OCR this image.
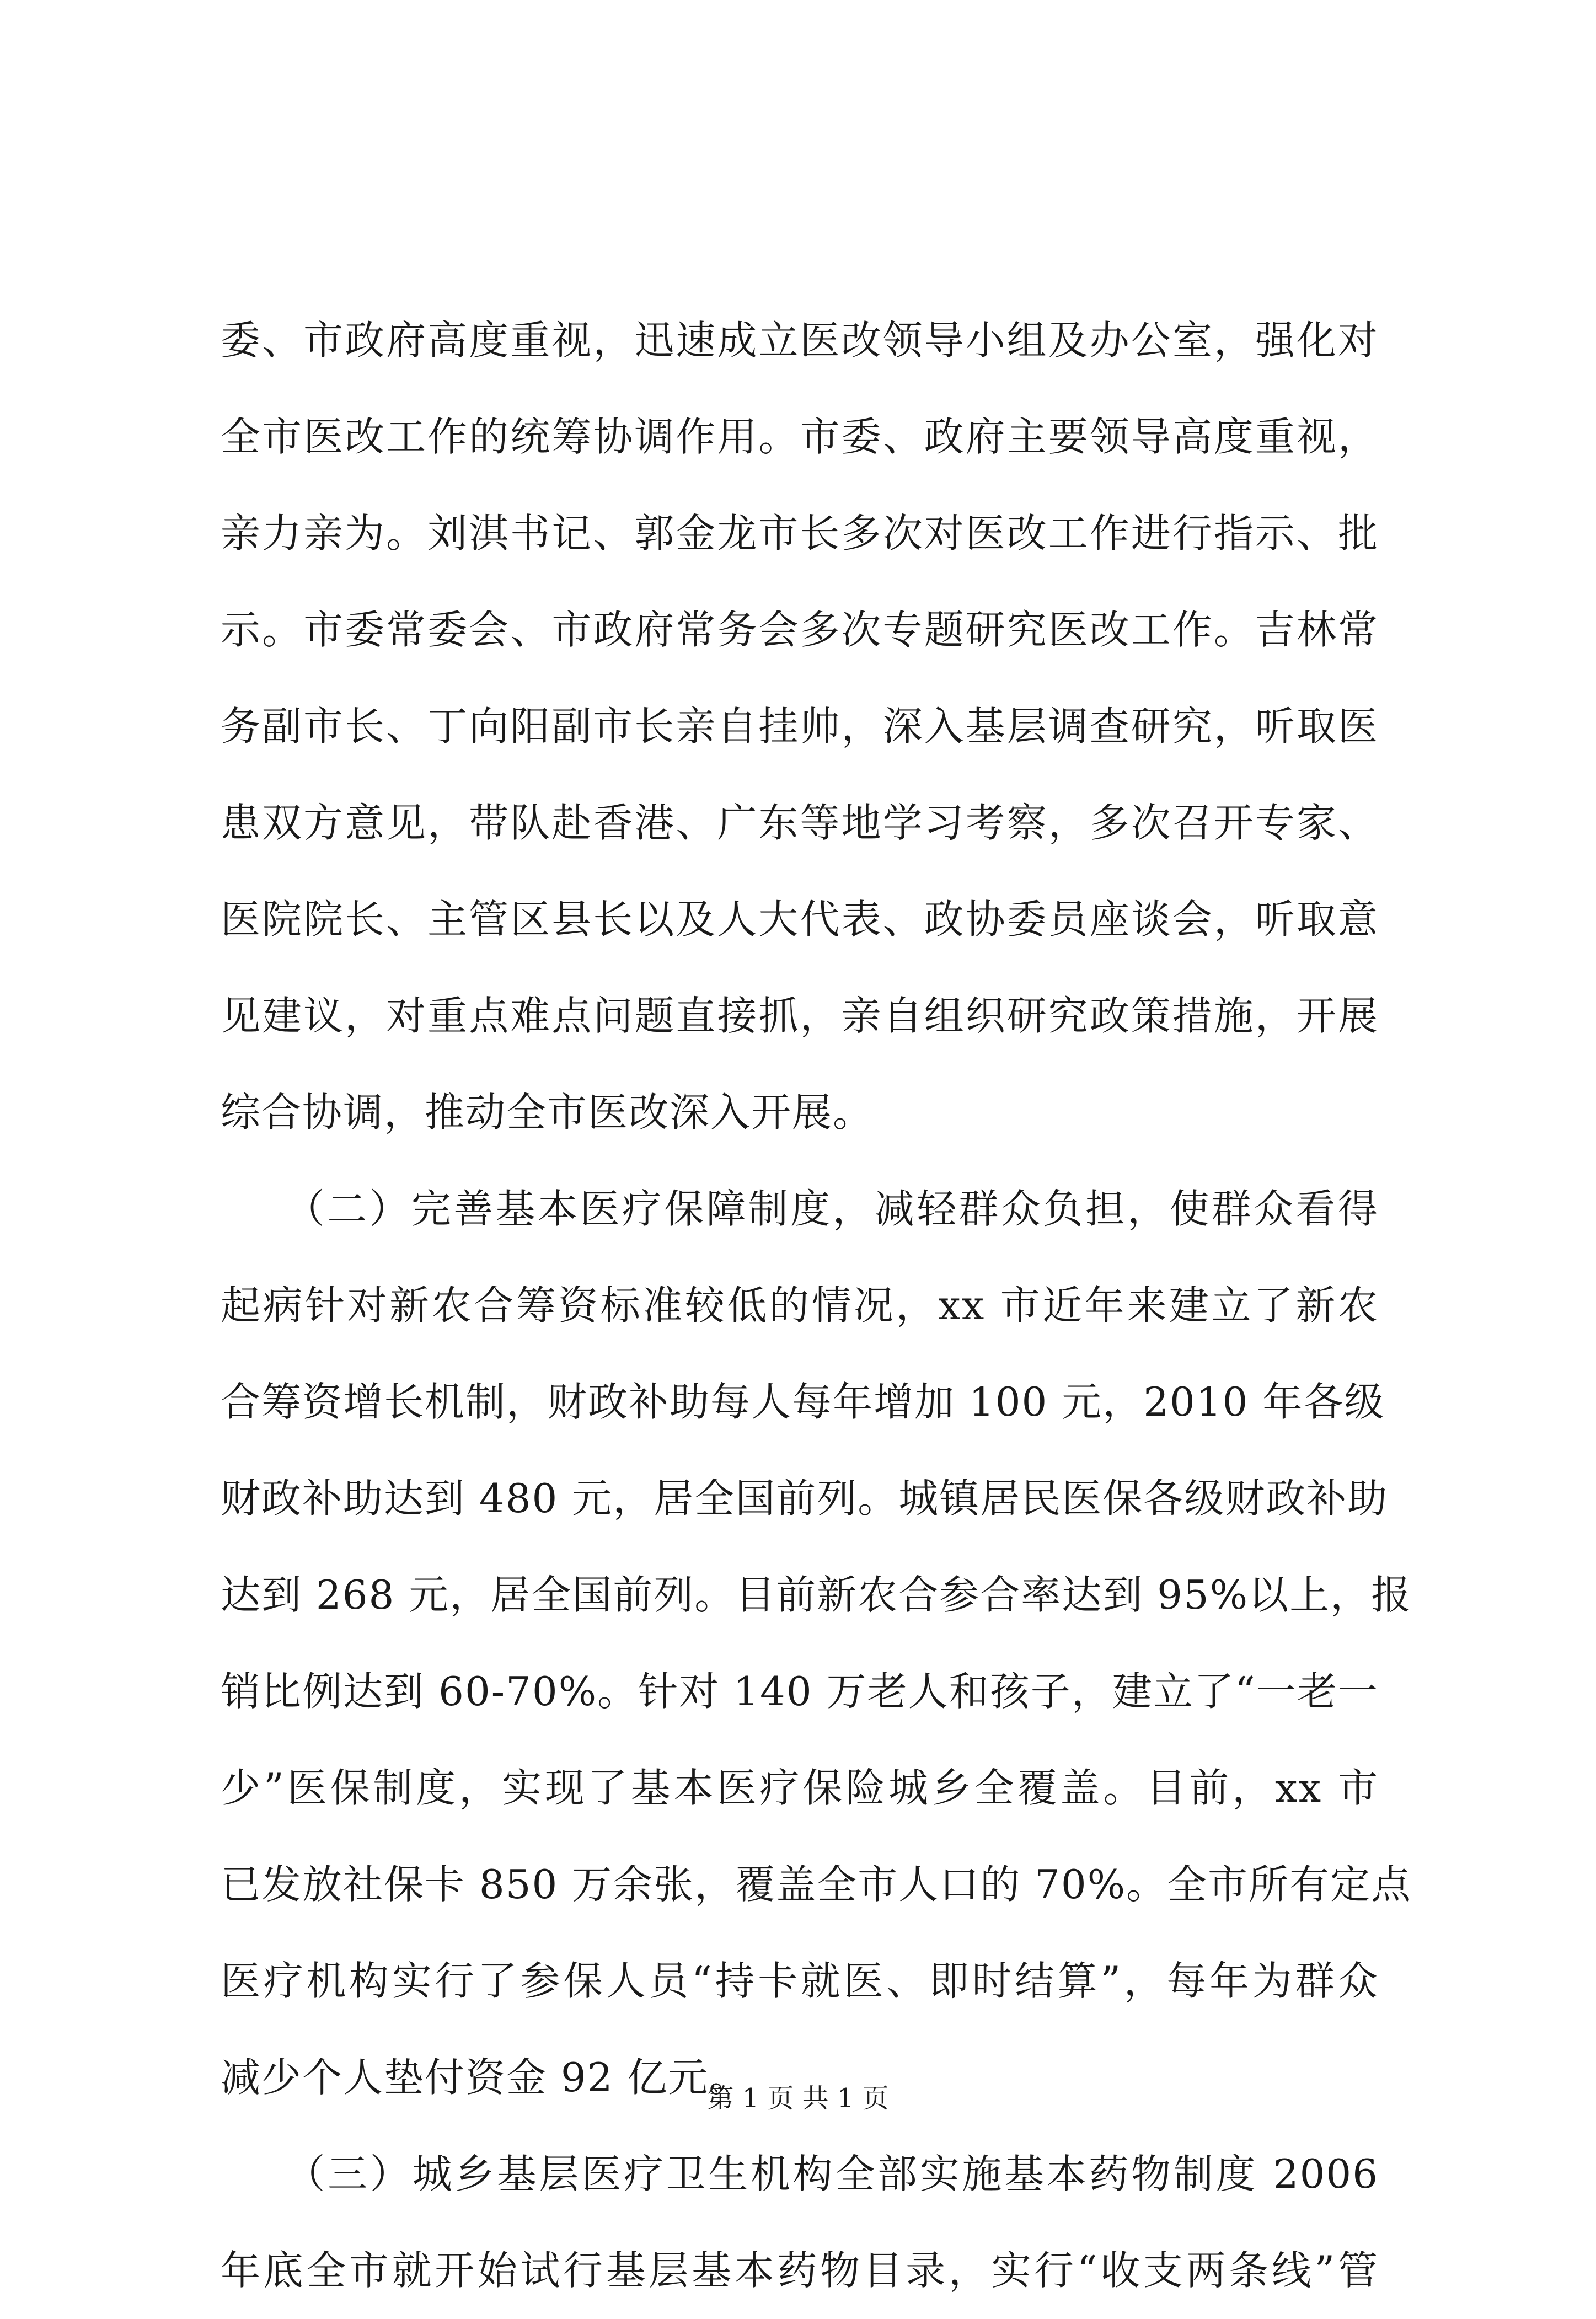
委、市政府高度重视，迅速成立医改领导小组及办公室，强化对
全市医改工作的统筹协调作用。市委、政府主要领导高度重视，
亲力亲为。刘淇书记、郭金龙市长多次对医改工作进行指示、批
示。市委常委会、市政府常务会多次专题研究医改工作。吉林常
务副市长、丁向阳副市长亲自挂帅，深入基层调查研究，听取医
患双方意见，带队赴香港、广东等地学习考察，多次召开专家、
医院院长、主管区县长以及人大代表、政协委员座谈会，听取意
见建议，对重点难点问题直接抓，亲自组织研究政策措施，开展
综合协调，推动全市医改深入开展。
　　（二）完善基本医疗保障制度，减轻群众负担，使群众看得
起病针对新农合筹资标准较低的情况，xx 市近年来建立了新农
合筹资增长机制，财政补助每人每年增加 100 元，2010 年各级
财政补助达到 480 元，居全国前列。城镇居民医保各级财政补助
达到 268 元，居全国前列。目前新农合参合率达到 95%以上，报
销比例达到 60-70%。针对 140 万老人和孩子，建立了“一老一
少”医保制度，实现了基本医疗保险城乡全覆盖。目前，xx 市
已发放社保卡 850 万余张，覆盖全市人口的 70%。全市所有定点
医疗机构实行了参保人员“持卡就医、即时结算”，每年为群众
减少个人垫付资金 92 亿元。
　　（三）城乡基层医疗卫生机构全部实施基本药物制度 2006
年底全市就开始试行基层基本药物目录，实行“收支两条线”管
第 1 页 共 1 页
